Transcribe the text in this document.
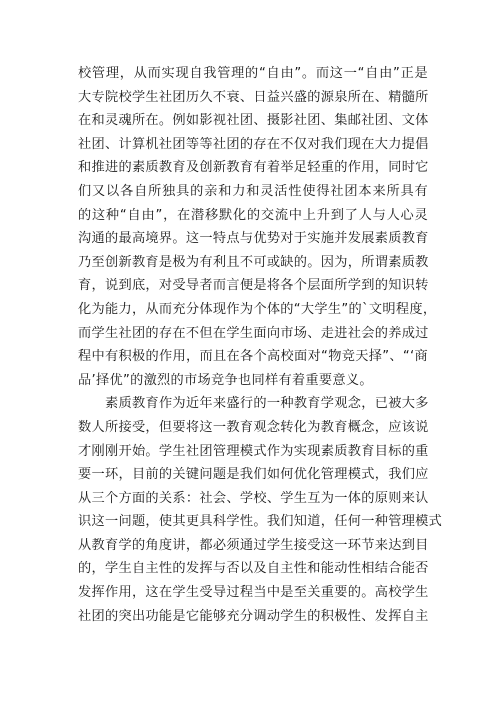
校管理，从而实现自我管理的“自由”。而这一“自由”正是
大专院校学生社团历久不衰、日益兴盛的源泉所在、精髓所
在和灵魂所在。例如影视社团、摄影社团、集邮社团、文体
社团、计算机社团等等社团的存在不仅对我们现在大力提倡
和推进的素质教育及创新教育有着举足轻重的作用，同时它
们又以各自所独具的亲和力和灵活性使得社团本来所具有
的这种“自由”，在潜移默化的交流中上升到了人与人心灵
沟通的最高境界。这一特点与优势对于实施并发展素质教育
乃至创新教育是极为有利且不可或缺的。因为，所谓素质教
育，说到底，对受导者而言便是将各个层面所学到的知识转
化为能力，从而充分体现作为个体的“大学生”的`文明程度，
而学生社团的存在不但在学生面向市场、走进社会的养成过
程中有积极的作用，而且在各个高校面对“物竞天择”、“‘商
品’择优”的激烈的市场竞争也同样有着重要意义。
素质教育作为近年来盛行的一种教育学观念，已被大多
数人所接受，但要将这一教育观念转化为教育概念，应该说
才刚刚开始。学生社团管理模式作为实现素质教育目标的重
要一环，目前的关键问题是我们如何优化管理模式，我们应
从三个方面的关系：社会、学校、学生互为一体的原则来认
识这一问题，使其更具科学性。我们知道，任何一种管理模式
从教育学的角度讲，都必须通过学生接受这一环节来达到目
的，学生自主性的发挥与否以及自主性和能动性相结合能否
发挥作用，这在学生受导过程当中是至关重要的。高校学生
社团的突出功能是它能够充分调动学生的积极性、发挥自主
